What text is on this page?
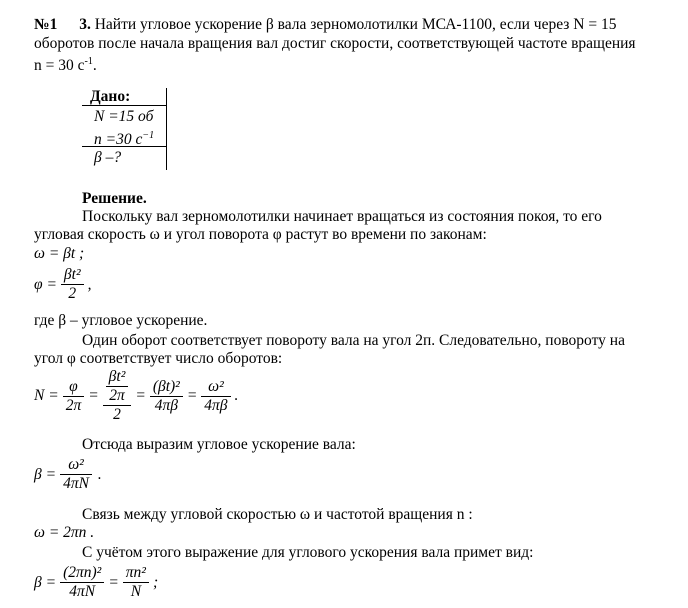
№1 3. Найти угловое ускорение β вала зерномолотилки МСА-1100, если через N = 15
оборотов после начала вращения вал достиг скорости, соответствующей частоте вращения
n = 30 $с^{-1}$.
Дано:
N =15 об
n =30 $с^{-1}$
β –?
Решение.
Поскольку вал зерномолотилки начинает вращаться из состояния покоя, то его
угловая скорость ω и угол поворота φ растут во времени по законам:
ω = βt ;
$\varphi = \frac{\text{βt²}}{2}$ ,
где β – угловое ускорение.
Один оборот соответствует повороту вала на угол 2п. Следовательно, повороту на
угол φ соответствует число оборотов:
$N = \frac{\varphi}{2\pi} = \frac{\frac{\text{βt²}}{2\pi}}{2} = \frac{\text{(βt)²}}{4\pi\beta} = \frac{\text{ω²}}{4\pi\beta}$ .
Отсюда выразим угловое ускорение вала:
$\beta = \frac{\text{ω²}}{4\pi N}$ .
Связь между угловой скоростью ω и частотой вращения n :
ω = 2πn .
С учётом этого выражение для углового ускорения вала примет вид:
$\beta = \frac{\text{(2πn)²}}{4\pi N} = \frac{\text{πn²}}{N}$ ;
